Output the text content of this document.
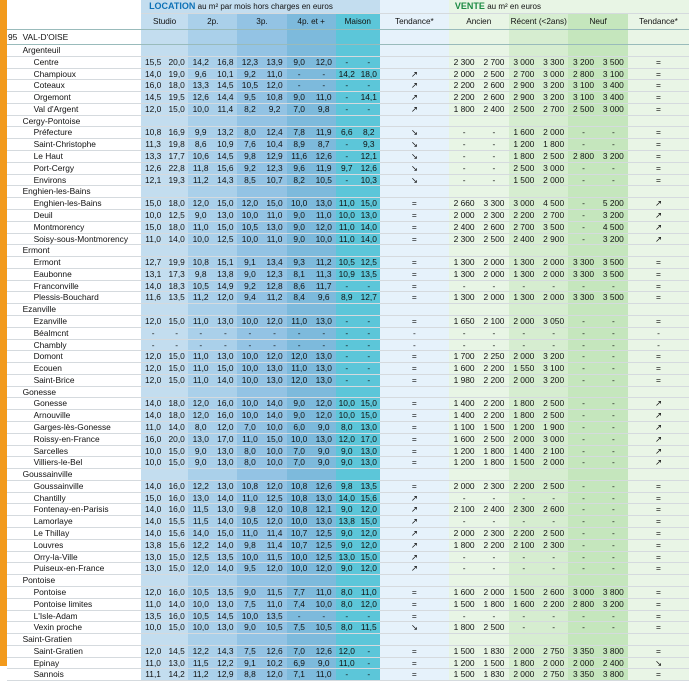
		LOCATION au m² par mois hors charges en euros											VENTE au m² en euros						
		Studio		2p.		3p.		4p. et +		Maison		Tendance*	Ancien		Récent (<2ans)		Neuf		Tendance*
95	VAL-D'OISE																		
	Argenteuil																		
	Centre	15,5	20,0	14,2	16,8	12,3	13,9	9,0	12,0	-	-		2 300	2 700	3 000	3 300	3 200	3 500	=
	Champioux	14,0	19,0	9,6	10,1	9,2	11,0	-	-	14,2	18,0	↗	2 000	2 500	2 700	3 000	2 800	3 100	=
	Coteaux	16,0	18,0	13,3	14,5	10,5	12,0	-	-	-	-	↗	2 200	2 600	2 900	3 200	3 100	3 400	=
	Orgemont	14,5	19,5	12,6	14,4	9,5	10,8	9,0	11,0	-	14,1	↗	2 200	2 600	2 900	3 200	3 100	3 400	=
	Val d'Argent	12,0	15,0	10,0	11,4	8,2	9,2	7,0	9,8	-	-	↗	1 800	2 400	2 500	2 700	2 500	3 000	=
	Cergy-Pontoise																		
	Préfecture	10,8	16,9	9,9	13,2	8,0	12,4	7,8	11,9	6,6	8,2	↘	-	-	1 600	2 000	-	-	=
	Saint-Christophe	11,3	19,8	8,6	10,9	7,6	10,4	8,9	8,7	-	9,3	↘	-	-	1 200	1 800	-	-	=
	Le Haut	13,3	17,7	10,6	14,5	9,8	12,9	11,6	12,6	-	12,1	↘	-	-	1 800	2 500	2 800	3 200	=
	Port-Cergy	12,6	22,8	11,8	15,6	9,2	12,3	9,6	11,9	9,7	12,6	↘	-	-	2 500	3 000	-	-	=
	Environs	12,1	19,3	11,2	14,3	8,5	10,7	8,2	10,5	-	10,3	↘	-	-	1 500	2 000	-	-	=
	Enghien-les-Bains																		
	Enghien-les-Bains	15,0	18,0	12,0	15,0	12,0	15,0	10,0	13,0	11,0	15,0	=	2 660	3 300	3 000	4 500	-	5 200	↗
	Deuil	10,0	12,5	9,0	13,0	10,0	11,0	9,0	11,0	10,0	13,0	=	2 000	2 300	2 200	2 700	-	3 200	↗
	Montmorency	15,0	18,0	11,0	15,0	10,5	13,0	9,0	12,0	11,0	14,0	=	2 400	2 600	2 700	3 500	-	4 500	↗
	Soisy-sous-Montmorency	11,0	14,0	10,0	12,5	10,0	11,0	9,0	10,0	11,0	14,0	=	2 300	2 500	2 400	2 900	-	3 200	↗
	Ermont																		
	Ermont	12,7	19,9	10,8	15,1	9,1	13,4	9,3	11,2	10,5	12,5	=	1 300	2 000	1 300	2 000	3 300	3 500	=
	Eaubonne	13,1	17,3	9,8	13,8	9,0	12,3	8,1	11,3	10,9	13,5	=	1 300	2 000	1 300	2 000	3 300	3 500	=
	Franconville	14,0	18,3	10,5	14,9	9,2	12,8	8,6	11,7	-	-	=	-	-	-	-	-	-	=
	Plessis-Bouchard	11,6	13,5	11,2	12,0	9,4	11,2	8,4	9,6	8,9	12,7	=	1 300	2 000	1 300	2 000	3 300	3 500	=
	Ezanville																		
	Ezanville	12,0	15,0	11,0	13,0	10,0	12,0	11,0	13,0	-	-	=	1 650	2 100	2 000	3 050	-	-	=
	Béalmcnt	-	-	-	-	-	-	-	-	-	-	-	-	-	-	-	-	-	-
	Chambly	-	-	-	-	-	-	-	-	-	-	-	-	-	-	-	-	-	-
	Domont	12,0	15,0	11,0	13,0	10,0	12,0	12,0	13,0	-	-	=	1 700	2 250	2 000	3 200	-	-	=
	Ecouen	12,0	15,0	11,0	15,0	10,0	13,0	11,0	13,0	-	-	=	1 600	2 200	1 550	3 100	-	-	=
	Saint-Brice	12,0	15,0	11,0	14,0	10,0	13,0	12,0	13,0	-	-	=	1 980	2 200	2 000	3 200	-	-	=
	Gonesse																		
	Gonesse	14,0	18,0	12,0	16,0	10,0	14,0	9,0	12,0	10,0	15,0	=	1 400	2 200	1 800	2 500	-	-	↗
	Arnouville	14,0	18,0	12,0	16,0	10,0	14,0	9,0	12,0	10,0	15,0	=	1 400	2 200	1 800	2 500	-	-	↗
	Garges-lès-Gonesse	11,0	14,0	8,0	12,0	7,0	10,0	6,0	9,0	8,0	13,0	=	1 100	1 500	1 200	1 900	-	-	↗
	Roissy-en-France	16,0	20,0	13,0	17,0	11,0	15,0	10,0	13,0	12,0	17,0	=	1 600	2 500	2 000	3 000	-	-	↗
	Sarcelles	10,0	15,0	9,0	13,0	8,0	10,0	7,0	9,0	9,0	13,0	=	1 200	1 800	1 400	2 100	-	-	↗
	Villiers-le-Bel	10,0	15,0	9,0	13,0	8,0	10,0	7,0	9,0	9,0	13,0	=	1 200	1 800	1 500	2 000	-	-	↗
	Goussainville																		
	Goussainville	14,0	16,0	12,2	13,0	10,8	12,0	10,8	12,6	9,8	13,5	=	2 000	2 300	2 200	2 500	-	-	=
	Chantilly	15,0	16,0	13,0	14,0	11,0	12,5	10,8	13,0	14,0	15,6	↗	-	-	-	-	-	-	=
	Fontenay-en-Parisis	14,0	16,0	11,5	13,0	9,8	12,0	10,8	12,1	9,0	12,0	↗	2 100	2 400	2 300	2 600	-	-	=
	Lamorlaye	14,0	15,5	11,5	14,0	10,5	12,0	10,0	13,0	13,8	15,0	↗	-	-	-	-	-	-	=
	Le Thillay	14,0	15,6	14,0	15,0	11,0	11,4	10,7	12,5	9,0	12,0	↗	2 000	2 300	2 200	2 500	-	-	=
	Louvres	13,8	15,6	12,2	14,0	9,8	11,4	10,7	12,5	9,0	12,0	↗	1 800	2 200	2 100	2 300	-	-	=
	Orry-la-Ville	13,0	15,0	12,5	13,5	10,0	11,5	10,0	12,5	13,0	15,0	↗	-	-	-	-	-	-	=
	Puiseux-en-France	13,0	15,0	12,0	14,0	9,5	12,0	10,0	12,0	9,0	12,0	↗	-	-	-	-	-	-	=
	Pontoise																		
	Pontoise	12,0	16,0	10,5	13,5	9,0	11,5	7,7	11,0	8,0	11,0	=	1 600	2 000	1 500	2 600	3 000	3 800	=
	Pontoise limites	11,0	14,0	10,0	13,0	7,5	11,0	7,4	10,0	8,0	12,0	=	1 500	1 800	1 600	2 200	2 800	3 200	=
	L'Isle-Adam	13,5	16,0	10,5	14,5	10,0	13,5	-	-	-	-	=	-	-	-	-	-	-	=
	Vexin proche	10,0	15,0	10,0	13,0	9,0	10,5	7,5	10,5	8,0	11,5	↘	1 800	2 500	-	-	-	-	=
	Saint-Gratien																		
	Saint-Gratien	12,0	14,5	12,2	14,3	7,5	12,6	7,0	12,6	12,0	-	=	1 500	1 830	2 000	2 750	3 350	3 800	=
	Epinay	11,0	13,0	11,5	12,2	9,1	10,2	6,9	9,0	11,0	-	=	1 200	1 500	1 800	2 000	2 000	2 400	↘
	Sannois	11,1	14,2	11,2	12,9	8,8	12,0	7,1	11,0	-	-	=	1 500	1 830	2 000	2 750	3 350	3 800	=
